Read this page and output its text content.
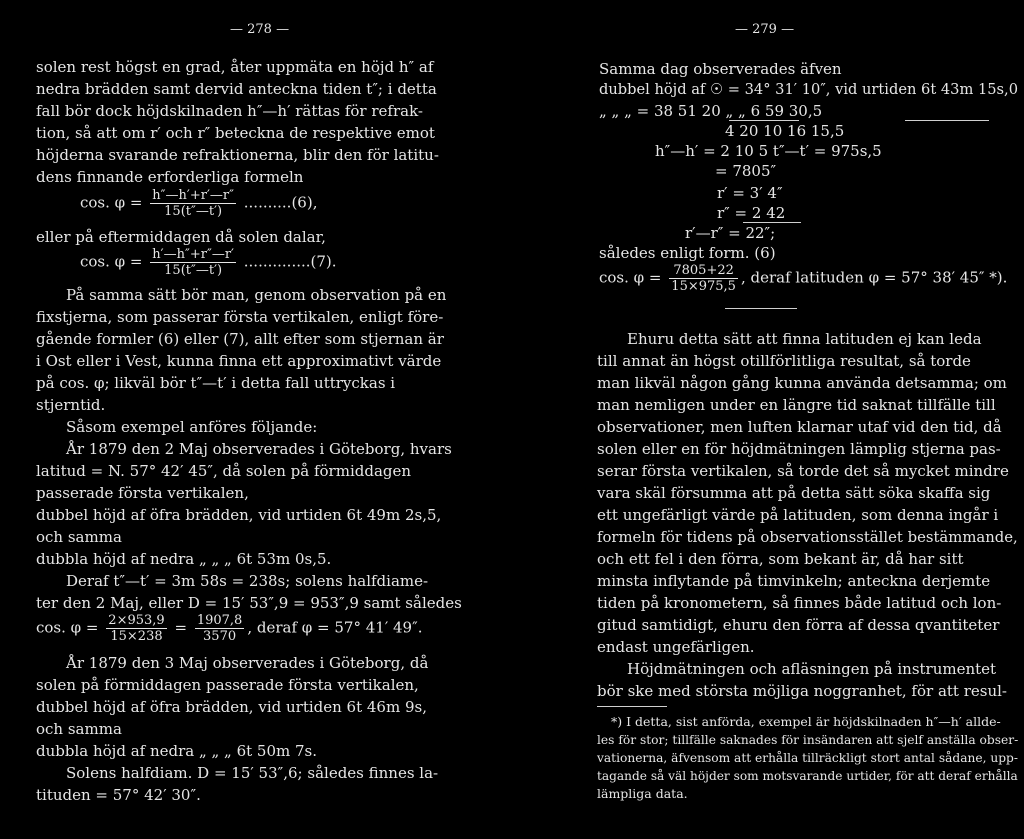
— 278 —
solen rest högst en grad, åter uppmäta en höjd h″ af
nedra brädden samt dervid anteckna tiden t″; i detta
fall bör dock höjdskilnaden h″—h′ rättas för refrak-
tion, så att om r′ och r″ beteckna de respektive emot
höjderna svarande refraktionerna, blir den för latitu-
dens finnande erforderliga formeln
cos. $\varphi = \frac{h''—h'+r'—r''}{15(t''—t')} ..........(6)$,
eller på eftermiddagen då solen dalar,
cos. $\varphi = \frac{h'—h''+r''—r'}{15(t''—t')} ..............(7)$.
På samma sätt bör man, genom observation på en
fixstjerna, som passerar första vertikalen, enligt före-
gående formler (6) eller (7), allt efter som stjernan är
i Ost eller i Vest, kunna finna ett approximativt värde
på cos. φ; likväl bör t″—t′ i detta fall uttryckas i
stjerntid.
Såsom exempel anföres följande:
År 1879 den 2 Maj observerades i Göteborg, hvars
latitud = N. 57° 42′ 45″, då solen på förmiddagen
passerade första vertikalen,
dubbel höjd af öfra brädden, vid urtiden 6t 49m 2s,5,
och samma
dubbla höjd af nedra „ „ „ 6t 53m 0s,5.
Deraf t″—t′ = 3m 58s = 238s; solens halfdiame-
ter den 2 Maj, eller D = 15′ 53″,9 = 953″,9 samt således
cos. $\varphi = \frac{2\times 953,9}{15\times 238} = \frac{1907,8}{3570}$ , deraf φ = 57° 41′ 49″.
År 1879 den 3 Maj observerades i Göteborg, då
solen på förmiddagen passerade första vertikalen,
dubbel höjd af öfra brädden, vid urtiden 6t 46m 9s,
och samma
dubbla höjd af nedra „ „ „ 6t 50m 7s.
Solens halfdiam. D = 15′ 53″,6; således finnes la-
tituden = 57° 42′ 30″.
— 279 —
Samma dag observerades äfven
dubbel höjd af ☉ = 34° 31′ 10″, vid urtiden 6t 43m 15s,0
„ „ „ = 38 51 20 „ „ 6 59 30,5
4 20 10 16 15,5
h″—h′ = 2 10 5 t″—t′ = 975s,5
= 7805″
r′ = 3′ 4″
r″ = 2 42
r′—r″ = 22″;
således enligt form. (6)
cos. $\varphi = \frac{7805+22}{15\times 975,5}$ , deraf latituden φ = 57° 38′ 45″ *).
Ehuru detta sätt att finna latituden ej kan leda
till annat än högst otillförlitliga resultat, så torde
man likväl någon gång kunna använda detsamma; om
man nemligen under en längre tid saknat tillfälle till
observationer, men luften klarnar utaf vid den tid, då
solen eller en för höjdmätningen lämplig stjerna pas-
serar första vertikalen, så torde det så mycket mindre
vara skäl försumma att på detta sätt söka skaffa sig
ett ungefärligt värde på latituden, som denna ingår i
formeln för tidens på observationsstället bestämmande,
och ett fel i den förra, som bekant är, då har sitt
minsta inflytande på timvinkeln; anteckna derjemte
tiden på kronometern, så finnes både latitud och lon-
gitud samtidigt, ehuru den förra af dessa qvantiteter
endast ungefärligen.
Höjdmätningen och afläsningen på instrumentet
bör ske med största möjliga noggranhet, för att resul-
*) I detta, sist anförda, exempel är höjdskilnaden h″—h′ allde-
les för stor; tillfälle saknades för insändaren att sjelf anställa obser-
vationerna, äfvensom att erhålla tillräckligt stort antal sådane, upp-
tagande så väl höjder som motsvarande urtider, för att deraf erhålla
lämpliga data.
